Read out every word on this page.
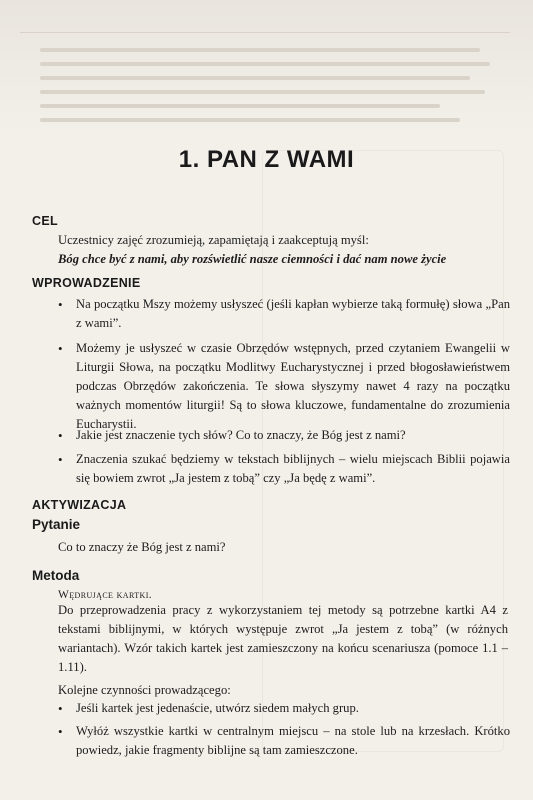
1. PAN Z WAMI
CEL
Uczestnicy zajęć zrozumieją, zapamiętają i zaakceptują myśl:
Bóg chce być z nami, aby rozświetlić nasze ciemności i dać nam nowe życie
WPROWADZENIE
• Na początku Mszy możemy usłyszeć (jeśli kapłan wybierze taką formułę) słowa „Pan z wami”.
• Możemy je usłyszeć w czasie Obrzędów wstępnych, przed czytaniem Ewangelii w Liturgii Słowa, na początku Modlitwy Eucharystycznej i przed błogosławieństwem podczas Obrzędów zakończenia. Te słowa słyszymy nawet 4 razy na początku ważnych momentów liturgii! Są to słowa kluczowe, fundamentalne do zrozumienia Eucharystii.
• Jakie jest znaczenie tych słów? Co to znaczy, że Bóg jest z nami?
• Znaczenia szukać będziemy w tekstach biblijnych – wielu miejscach Biblii pojawia się bowiem zwrot „Ja jestem z tobą” czy „Ja będę z wami”.
AKTYWIZACJA
Pytanie
Co to znaczy że Bóg jest z nami?
Metoda
Wędrujące kartki.
Do przeprowadzenia pracy z wykorzystaniem tej metody są potrzebne kartki A4 z tekstami biblijnymi, w których występuje zwrot „Ja jestem z tobą” (w różnych wariantach). Wzór takich kartek jest zamieszczony na końcu scenariusza (pomoce 1.1 – 1.11).
Kolejne czynności prowadzącego:
• Jeśli kartek jest jedenaście, utwórz siedem małych grup.
• Wyłóż wszystkie kartki w centralnym miejscu – na stole lub na krzesłach. Krótko powiedz, jakie fragmenty biblijne są tam zamieszczone.
